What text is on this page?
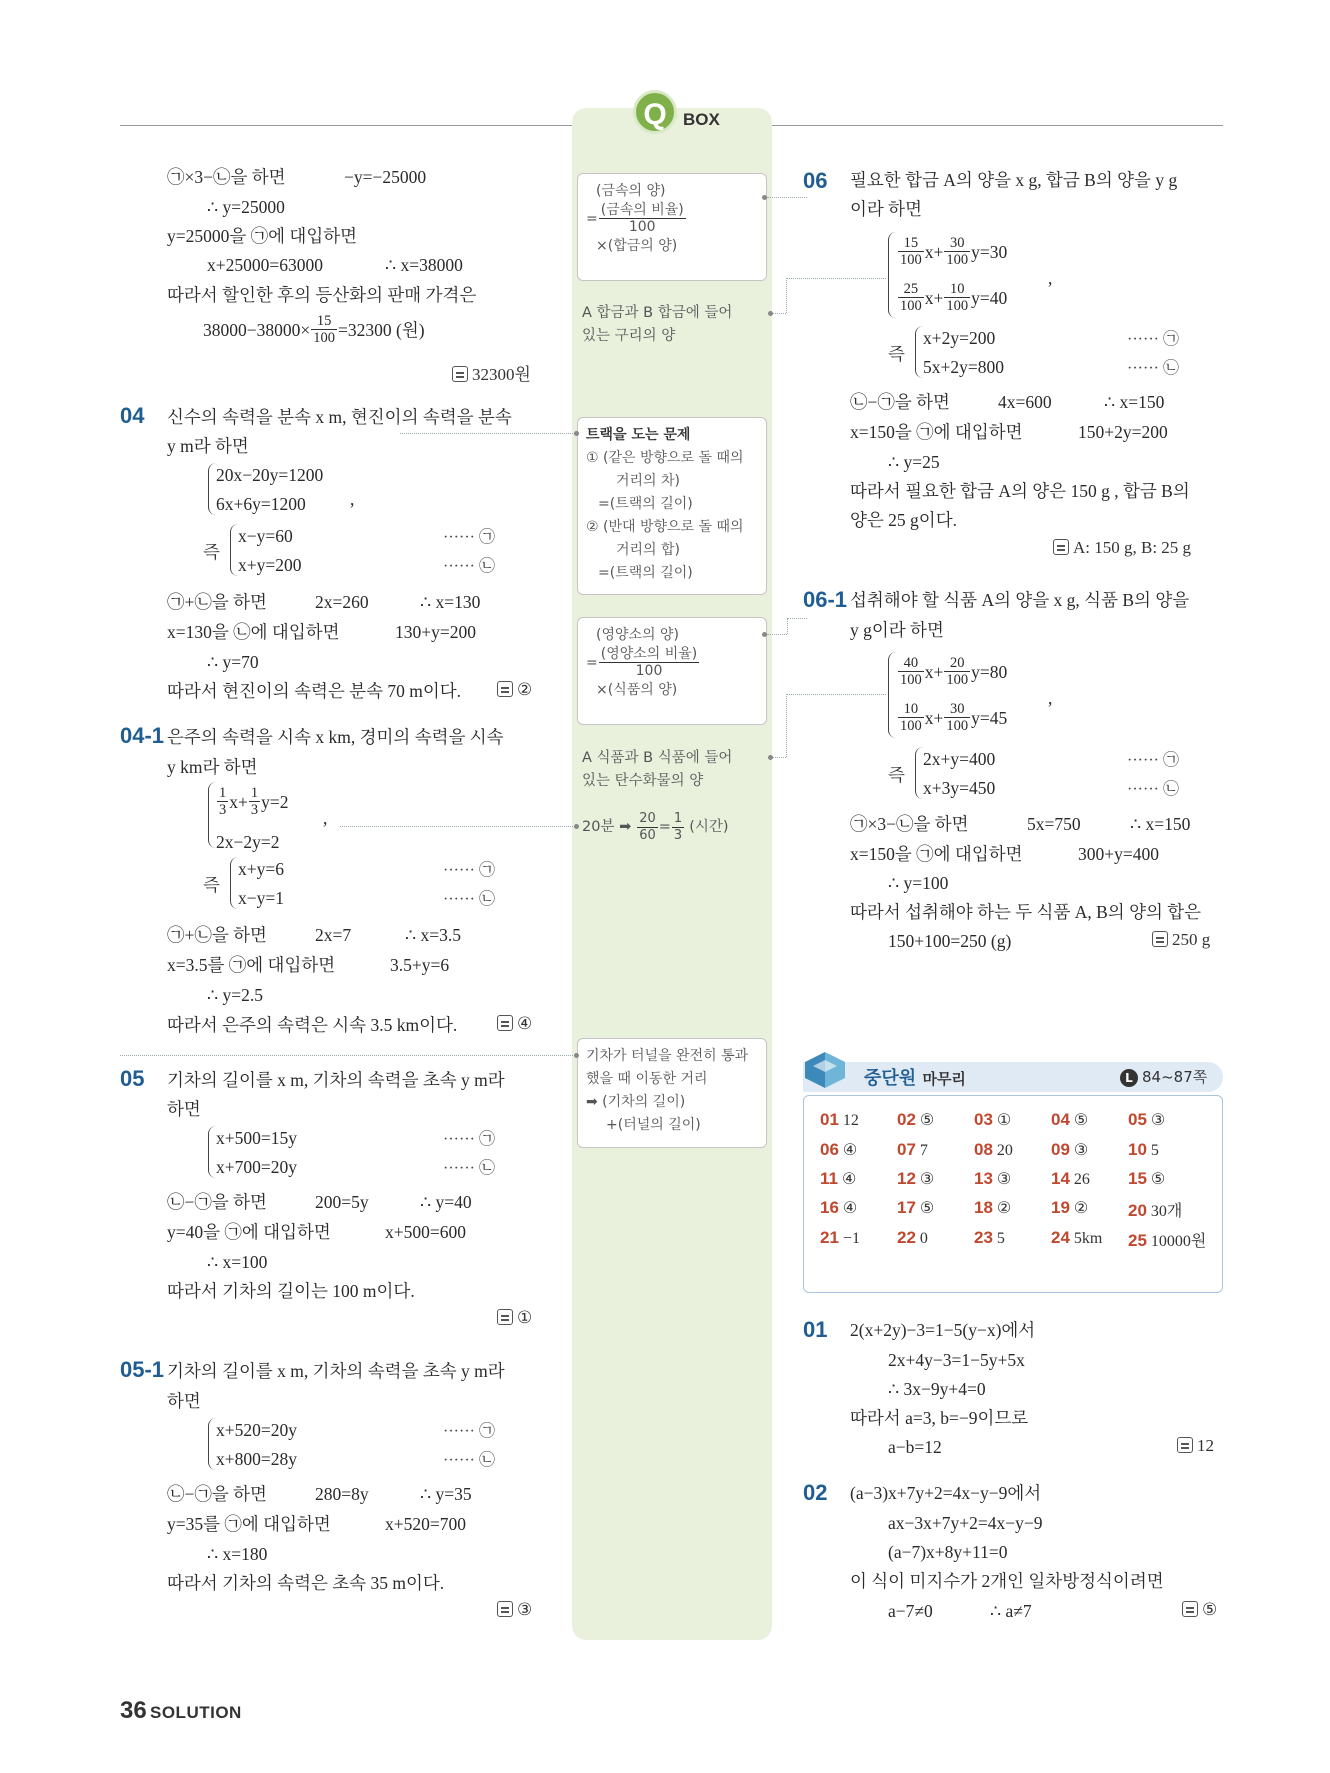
Q BOX
(금속의 양)
= $\frac{\text{(금속의 비율)}}{100}$
×(합금의 양)
A 합금과 B 합금에 들어
있는 구리의 양
트랙을 도는 문제
① (같은 방향으로 돌 때의
거리의 차)
=(트랙의 길이)
② (반대 방향으로 돌 때의
거리의 합)
=(트랙의 길이)
(영양소의 양)
= $\frac{\text{(영양소의 비율)}}{100}$
×(식품의 양)
A 식품과 B 식품에 들어
있는 탄수화물의 양
20분 ➡ $\frac{20}{60} = \frac{1}{3}$ (시간)
기차가 터널을 완전히 통과
했을 때 이동한 거리
➡ (기차의 길이)
+(터널의 길이)
㉠×3−㉡을 하면	−y=−25000
∴ y=25000
y=25000을 ㉠에 대입하면
x+25000=63000	∴ x=38000
따라서 할인한 후의 등산화의 판매 가격은
$38000-38000\times \frac{15}{100} =32300$ (원)
32300원
04 신수의 속력을 분속 x m, 현진이의 속력을 분속
y m라 하면
20x−20y=1200
6x+6y=1200	,
즉
x−y=60
x+y=200
······ ㉠
······ ㉡
㉠+㉡을 하면	2x=260	∴ x=130
x=130을 ㉡에 대입하면	130+y=200
∴ y=70
따라서 현진이의 속력은 분속 70 m이다.	②
04-1 은주의 속력을 시속 x km, 경미의 속력을 시속
y km라 하면
$\frac{1}{3} x+ \frac{1}{3} y=2$
,
2x−2y=2
즉
x+y=6
x−y=1
······ ㉠
······ ㉡
㉠+㉡을 하면	2x=7	∴ x=3.5
x=3.5를 ㉠에 대입하면	3.5+y=6
∴ y=2.5
따라서 은주의 속력은 시속 3.5 km이다.	④
05 기차의 길이를 x m, 기차의 속력을 초속 y m라
하면
x+500=15y
x+700=20y
······ ㉠
······ ㉡
㉡−㉠을 하면	200=5y	∴ y=40
y=40을 ㉠에 대입하면	x+500=600
∴ x=100
따라서 기차의 길이는 100 m이다.
①
05-1 기차의 길이를 x m, 기차의 속력을 초속 y m라
하면
x+520=20y
x+800=28y
······ ㉠
······ ㉡
㉡−㉠을 하면	280=8y	∴ y=35
y=35를 ㉠에 대입하면	x+520=700
∴ x=180
따라서 기차의 속력은 초속 35 m이다.
③
06 필요한 합금 A의 양을 x g, 합금 B의 양을 y g
이라 하면
$\frac{15}{100} x+ \frac{30}{100} y=30$
,
$\frac{25}{100} x+ \frac{10}{100} y=40$
즉
x+2y=200
5x+2y=800
······ ㉠
······ ㉡
㉡−㉠을 하면	4x=600	∴ x=150
x=150을 ㉠에 대입하면	150+2y=200
∴ y=25
따라서 필요한 합금 A의 양은 150 g , 합금 B의
양은 25 g이다.
A: 150 g, B: 25 g
06-1 섭취해야 할 식품 A의 양을 x g, 식품 B의 양을
y g이라 하면
$\frac{40}{100} x+ \frac{20}{100} y=80$
,
$\frac{10}{100} x+ \frac{30}{100} y=45$
즉
2x+y=400
x+3y=450
······ ㉠
······ ㉡
㉠×3−㉡을 하면	5x=750	∴ x=150
x=150을 ㉠에 대입하면	300+y=400
∴ y=100
따라서 섭취해야 하는 두 식품 A, B의 양의 합은
150+100=250 (g)	250 g
중단원 마무리	L 84~87쪽
01 12 02 ⑤ 03 ① 04 ⑤ 05 ③
06 ④ 07 7	08 20 09 ③ 10 5
11 ④ 12 ③ 13 ③ 14 26 15 ⑤
16 ④ 17 ⑤ 18 ② 19 ② 20 30개
21 −1 22 0	23 5	24 5km 25 10000원
01 2(x+2y)−3=1−5(y−x)에서
2x+4y−3=1−5y+5x
∴ 3x−9y+4=0
따라서 a=3, b=−9이므로
a−b=12	12
02 (a−3)x+7y+2=4x−y−9에서
ax−3x+7y+2=4x−y−9
(a−7)x+8y+11=0
이 식이 미지수가 2개인 일차방정식이려면
a−7≠0	∴ a≠7	⑤
36 SOLUTION
